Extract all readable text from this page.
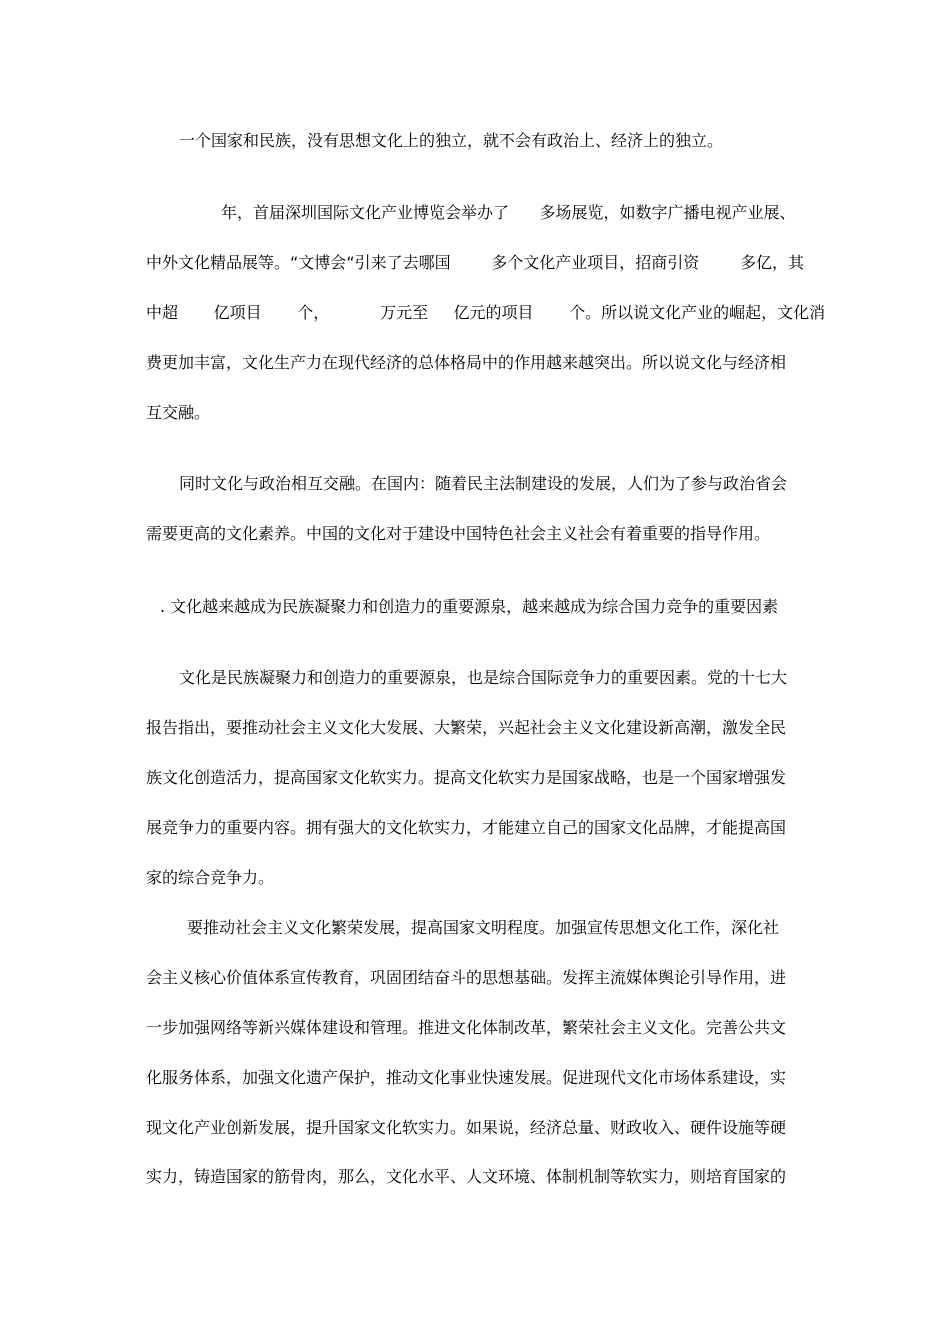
一个国家和民族，没有思想文化上的独立，就不会有政治上、经济上的独立。

年，首届深圳国际文化产业博览会举办了      多场展览，如数字广播电视产业展、

中外文化精品展等。“文博会“引来了去哪国        多个文化产业项目，招商引资        多亿，其

中超       亿项目       个，          万元至     亿元的项目       个。所以说文化产业的崛起，文化消

费更加丰富，文化生产力在现代经济的总体格局中的作用越来越突出。所以说文化与经济相

互交融。

同时文化与政治相互交融。在国内：随着民主法制建设的发展，人们为了参与政治省会

需要更高的文化素养。中国的文化对于建设中国特色社会主义社会有着重要的指导作用。

. 文化越来越成为民族凝聚力和创造力的重要源泉，越来越成为综合国力竞争的重要因素

文化是民族凝聚力和创造力的重要源泉，也是综合国际竞争力的重要因素。党的十七大

报告指出，要推动社会主义文化大发展、大繁荣，兴起社会主义文化建设新高潮，激发全民

族文化创造活力，提高国家文化软实力。提高文化软实力是国家战略，也是一个国家增强发

展竞争力的重要内容。拥有强大的文化软实力，才能建立自己的国家文化品牌，才能提高国

家的综合竞争力。

要推动社会主义文化繁荣发展，提高国家文明程度。加强宣传思想文化工作，深化社

会主义核心价值体系宣传教育，巩固团结奋斗的思想基础。发挥主流媒体舆论引导作用，进

一步加强网络等新兴媒体建设和管理。推进文化体制改革，繁荣社会主义文化。完善公共文

化服务体系，加强文化遗产保护，推动文化事业快速发展。促进现代文化市场体系建设，实

现文化产业创新发展，提升国家文化软实力。如果说，经济总量、财政收入、硬件设施等硬

实力，铸造国家的筋骨肉，那么，文化水平、人文环境、体制机制等软实力，则培育国家的
